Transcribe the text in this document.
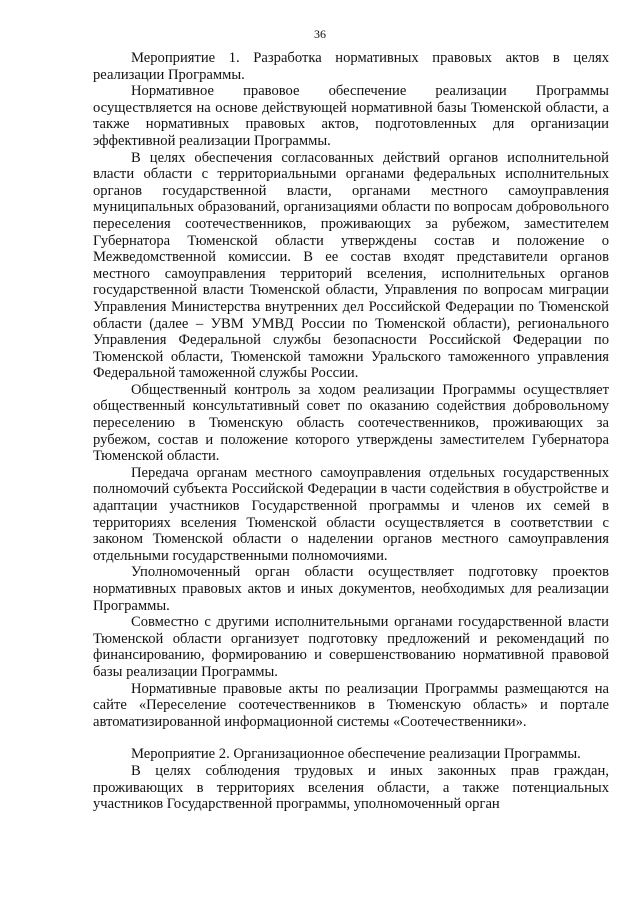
36

Мероприятие 1. Разработка нормативных правовых актов в целях реализации Программы.

Нормативное правовое обеспечение реализации Программы осуществляется на основе действующей нормативной базы Тюменской области, а также нормативных правовых актов, подготовленных для организации эффективной реализации Программы.

В целях обеспечения согласованных действий органов исполнительной власти области с территориальными органами федеральных исполнительных органов государственной власти, органами местного самоуправления муниципальных образований, организациями области по вопросам добровольного переселения соотечественников, проживающих за рубежом, заместителем Губернатора Тюменской области утверждены состав и положение о Межведомственной комиссии. В ее состав входят представители органов местного самоуправления территорий вселения, исполнительных органов государственной власти Тюменской области, Управления по вопросам миграции Управления Министерства внутренних дел Российской Федерации по Тюменской области (далее – УВМ УМВД России по Тюменской области), регионального Управления Федеральной службы безопасности Российской Федерации по Тюменской области, Тюменской таможни Уральского таможенного управления Федеральной таможенной службы России.

Общественный контроль за ходом реализации Программы осуществляет общественный консультативный совет по оказанию содействия добровольному переселению в Тюменскую область соотечественников, проживающих за рубежом, состав и положение которого утверждены заместителем Губернатора Тюменской области.

Передача органам местного самоуправления отдельных государственных полномочий субъекта Российской Федерации в части содействия в обустройстве и адаптации участников Государственной программы и членов их семей в территориях вселения Тюменской области осуществляется в соответствии с законом Тюменской области о наделении органов местного самоуправления отдельными государственными полномочиями.

Уполномоченный орган области осуществляет подготовку проектов нормативных правовых актов и иных документов, необходимых для реализации Программы.

Совместно с другими исполнительными органами государственной власти Тюменской области организует подготовку предложений и рекомендаций по финансированию, формированию и совершенствованию нормативной правовой базы реализации Программы.

Нормативные правовые акты по реализации Программы размещаются на сайте «Переселение соотечественников в Тюменскую область» и портале автоматизированной информационной системы «Соотечественники».

Мероприятие 2. Организационное обеспечение реализации Программы.

В целях соблюдения трудовых и иных законных прав граждан, проживающих в территориях вселения области, а также потенциальных участников Государственной программы, уполномоченный орган
